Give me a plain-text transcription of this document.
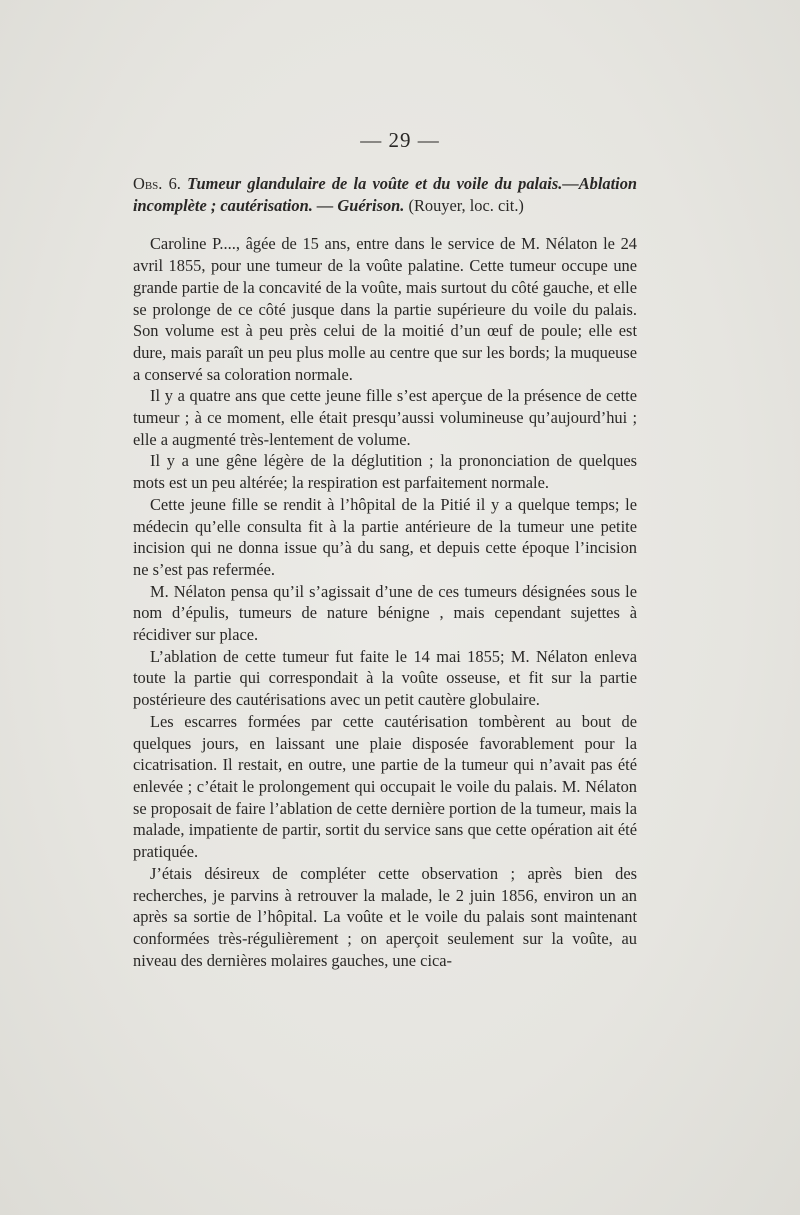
— 29 —

Obs. 6. Tumeur glandulaire de la voûte et du voile du palais.—Ablation incomplète ; cautérisation. — Guérison. (Rouyer, loc. cit.)

Caroline P...., âgée de 15 ans, entre dans le service de M. Nélaton le 24 avril 1855, pour une tumeur de la voûte palatine. Cette tumeur occupe une grande partie de la concavité de la voûte, mais surtout du côté gauche, et elle se prolonge de ce côté jusque dans la partie supérieure du voile du palais. Son volume est à peu près celui de la moitié d’un œuf de poule; elle est dure, mais paraît un peu plus molle au centre que sur les bords; la muqueuse a conservé sa coloration normale.

Il y a quatre ans que cette jeune fille s’est aperçue de la présence de cette tumeur ; à ce moment, elle était presqu’aussi volumineuse qu’aujourd’hui ; elle a augmenté très-lentement de volume.

Il y a une gêne légère de la déglutition ; la prononciation de quelques mots est un peu altérée; la respiration est parfaitement normale.

Cette jeune fille se rendit à l’hôpital de la Pitié il y a quelque temps; le médecin qu’elle consulta fit à la partie antérieure de la tumeur une petite incision qui ne donna issue qu’à du sang, et depuis cette époque l’incision ne s’est pas refermée.

M. Nélaton pensa qu’il s’agissait d’une de ces tumeurs désignées sous le nom d’épulis, tumeurs de nature bénigne , mais cependant sujettes à récidiver sur place.

L’ablation de cette tumeur fut faite le 14 mai 1855; M. Nélaton enleva toute la partie qui correspondait à la voûte osseuse, et fit sur la partie postérieure des cautérisations avec un petit cautère globulaire.

Les escarres formées par cette cautérisation tombèrent au bout de quelques jours, en laissant une plaie disposée favorablement pour la cicatrisation. Il restait, en outre, une partie de la tumeur qui n’avait pas été enlevée ; c’était le prolongement qui occupait le voile du palais. M. Nélaton se proposait de faire l’ablation de cette dernière portion de la tumeur, mais la malade, impatiente de partir, sortit du service sans que cette opération ait été pratiquée.

J’étais désireux de compléter cette observation ; après bien des recherches, je parvins à retrouver la malade, le 2 juin 1856, environ un an après sa sortie de l’hôpital. La voûte et le voile du palais sont maintenant conformées très-régulièrement ; on aperçoit seulement sur la voûte, au niveau des dernières molaires gauches, une cica-
